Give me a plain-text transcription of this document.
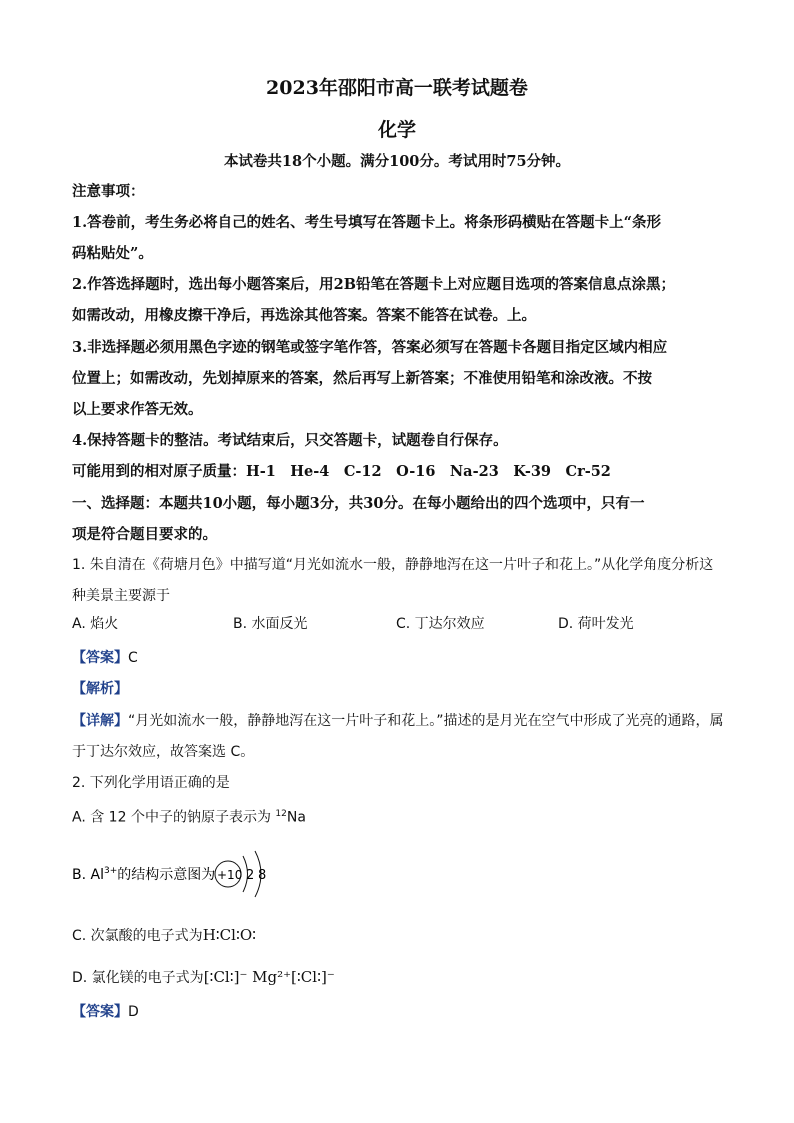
2023年邵阳市高一联考试题卷
化学
本试卷共18个小题。满分100分。考试用时75分钟。
注意事项：
1.答卷前，考生务必将自己的姓名、考生号填写在答题卡上。将条形码横贴在答题卡上“条形
码粘贴处”。
2.作答选择题时，选出每小题答案后，用2B铅笔在答题卡上对应题目选项的答案信息点涂黑；
如需改动，用橡皮擦干净后，再选涂其他答案。答案不能答在试卷。上。
3.非选择题必须用黑色字迹的钢笔或签字笔作答，答案必须写在答题卡各题目指定区域内相应
位置上；如需改动，先划掉原来的答案，然后再写上新答案；不准使用铅笔和涂改液。不按
以上要求作答无效。
4.保持答题卡的整洁。考试结束后，只交答题卡，试题卷自行保存。
可能用到的相对原子质量：H-1　He-4　C-12　O-16　Na-23　K-39　Cr-52
一、选择题：本题共10小题，每小题3分，共30分。在每小题给出的四个选项中，只有一
项是符合题目要求的。
1. 朱自清在《荷塘月色》中描写道“月光如流水一般，静静地泻在这一片叶子和花上。”从化学角度分析这
种美景主要源于
A. 焰火	B. 水面反光	C. 丁达尔效应	D. 荷叶发光
【答案】C
【解析】
【详解】“月光如流水一般，静静地泻在这一片叶子和花上。”描述的是月光在空气中形成了光亮的通路，属
于丁达尔效应，故答案选 C。
2. 下列化学用语正确的是
A. 含 12 个中子的钠原子表示为 $^{12}$Na
B. $Al^{3+}$的结构示意图为 +10 2 8
C. 次氯酸的电子式为H∶Cl∶O∶
D. 氯化镁的电子式为[∶Cl∶]⁻ Mg²⁺[∶Cl∶]⁻
【答案】D
